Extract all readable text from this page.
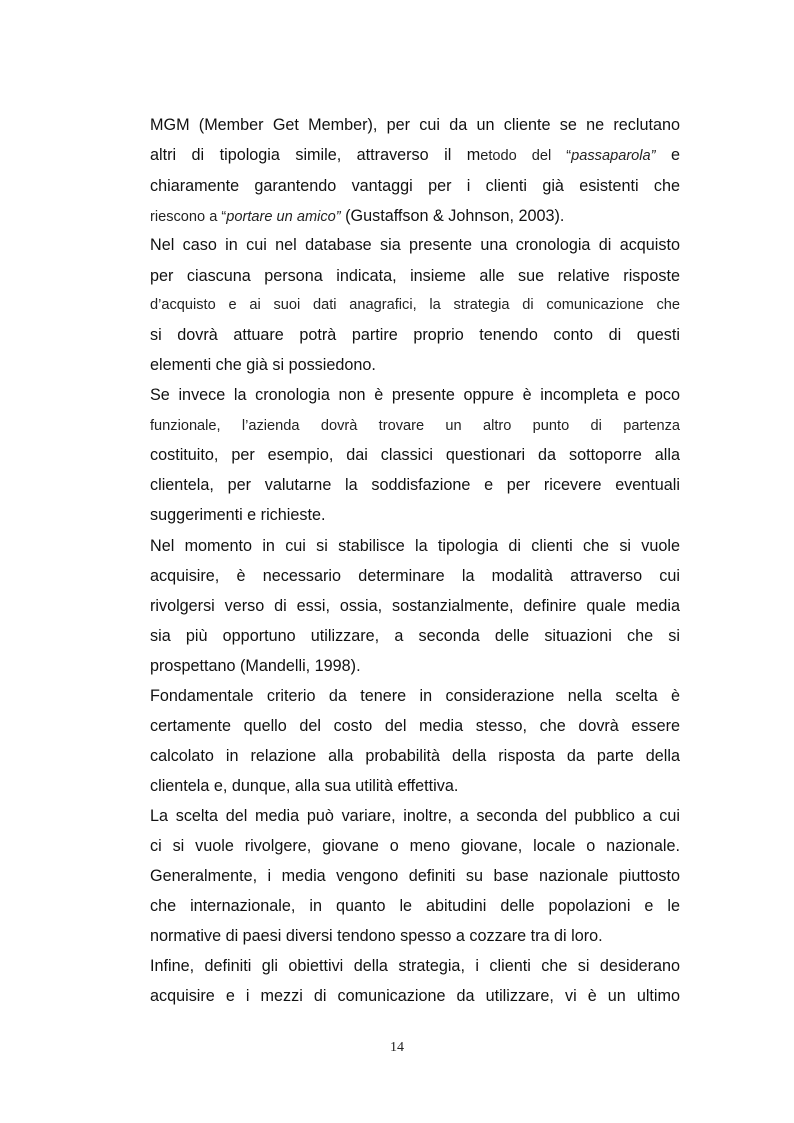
MGM (Member Get Member), per cui da un cliente se ne reclutano
altri di tipologia simile, attraverso il metodo del “passaparola” e
chiaramente garantendo vantaggi per i clienti già esistenti che
riescono a “portare un amico” (Gustaffson & Johnson, 2003).
Nel caso in cui nel database sia presente una cronologia di acquisto
per ciascuna persona indicata, insieme alle sue relative risposte
d’acquisto e ai suoi dati anagrafici, la strategia di comunicazione che
si dovrà attuare potrà partire proprio tenendo conto di questi
elementi che già si possiedono.
Se invece la cronologia non è presente oppure è incompleta e poco
funzionale, l’azienda dovrà trovare un altro punto di partenza
costituito, per esempio, dai classici questionari da sottoporre alla
clientela, per valutarne la soddisfazione e per ricevere eventuali
suggerimenti e richieste.
Nel momento in cui si stabilisce la tipologia di clienti che si vuole
acquisire, è necessario determinare la modalità attraverso cui
rivolgersi verso di essi, ossia, sostanzialmente, definire quale media
sia più opportuno utilizzare, a seconda delle situazioni che si
prospettano (Mandelli, 1998).
Fondamentale criterio da tenere in considerazione nella scelta è
certamente quello del costo del media stesso, che dovrà essere
calcolato in relazione alla probabilità della risposta da parte della
clientela e, dunque, alla sua utilità effettiva.
La scelta del media può variare, inoltre, a seconda del pubblico a cui
ci si vuole rivolgere, giovane o meno giovane, locale o nazionale.
Generalmente, i media vengono definiti su base nazionale piuttosto
che internazionale, in quanto le abitudini delle popolazioni e le
normative di paesi diversi tendono spesso a cozzare tra di loro.
Infine, definiti gli obiettivi della strategia, i clienti che si desiderano
acquisire e i mezzi di comunicazione da utilizzare, vi è un ultimo
14
